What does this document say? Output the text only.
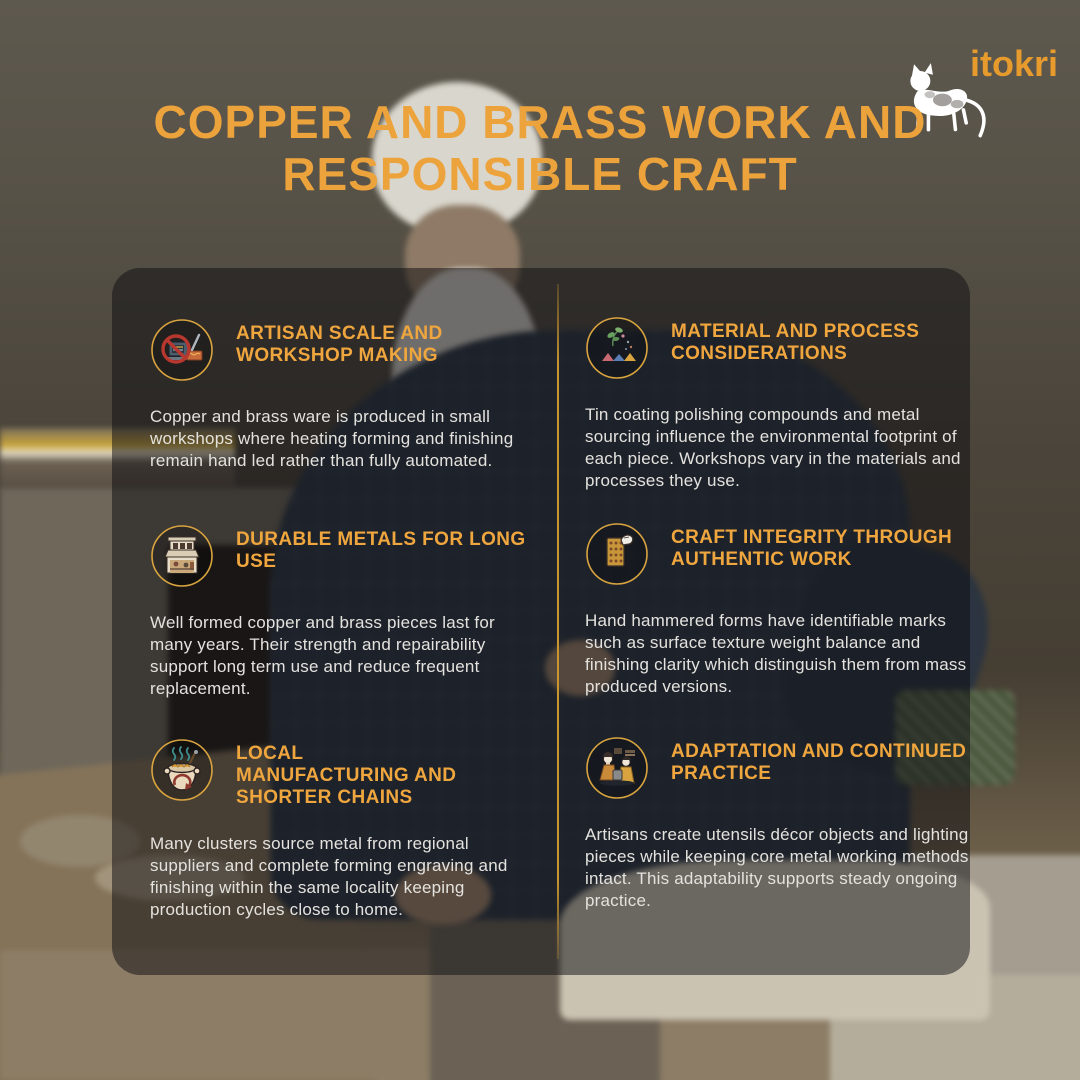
itokri
COPPER AND BRASS WORK AND
RESPONSIBLE CRAFT
ARTISAN SCALE AND WORKSHOP MAKING
Copper and brass ware is produced in small workshops where heating forming and finishing remain hand led rather than fully automated.
MATERIAL AND PROCESS CONSIDERATIONS
Tin coating polishing compounds and metal sourcing influence the environmental footprint of each piece. Workshops vary in the materials and processes they use.
DURABLE METALS FOR LONG USE
Well formed copper and brass pieces last for many years. Their strength and repairability support long term use and reduce frequent replacement.
CRAFT INTEGRITY THROUGH AUTHENTIC WORK
Hand hammered forms have identifiable marks such as surface texture weight balance and finishing clarity which distinguish them from mass produced versions.
LOCAL MANUFACTURING AND SHORTER CHAINS
Many clusters source metal from regional suppliers and complete forming engraving and finishing within the same locality keeping production cycles close to home.
ADAPTATION AND CONTINUED PRACTICE
Artisans create utensils décor objects and lighting pieces while keeping core metal working methods intact. This adaptability supports steady ongoing practice.
